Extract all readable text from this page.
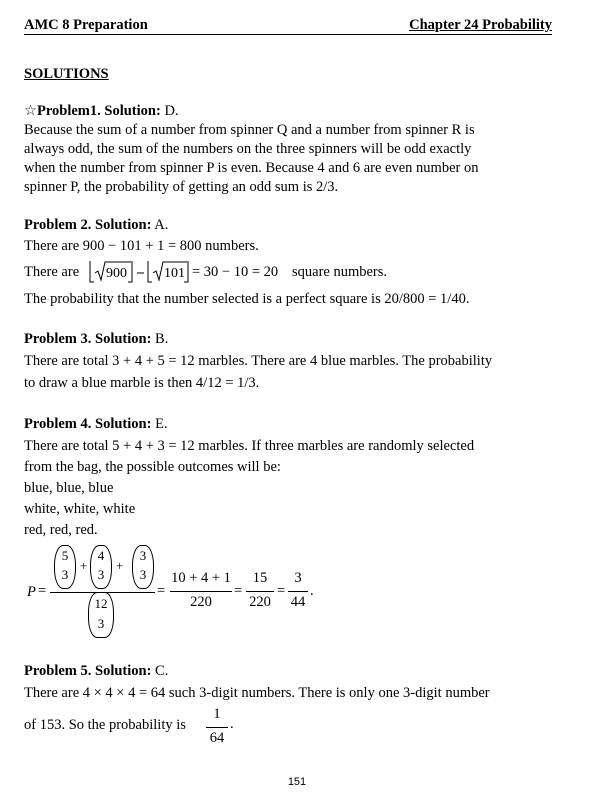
AMC 8 Preparation	Chapter 24 Probability
SOLUTIONS
☆Problem1. Solution: D.
Because the sum of a number from spinner Q and a number from spinner R is
always odd, the sum of the numbers on the three spinners will be odd exactly
when the number from spinner P is even. Because 4 and 6 are even number on
spinner P, the probability of getting an odd sum is 2/3.
Problem 2. Solution: A.
There are 900 − 101 + 1 = 800 numbers.
There are 900	101 = 30 − 10 = 20 square numbers.
The probability that the number selected is a perfect square is 20/800 = 1/40.
Problem 3. Solution: B.
There are total 3 + 4 + 5 = 12 marbles. There are 4 blue marbles. The probability
to draw a blue marble is then 4/12 = 1/3.
Problem 4. Solution: E.
There are total 5 + 4 + 3 = 12 marbles. If three marbles are randomly selected
from the bag, the possible outcomes will be:
blue, blue, blue
white, white, white
red, red, red.
P =
5
3
+
4
3
+
3
3
12
3
=
10 + 4 + 1
220
=
15
220
=
3
44
.
Problem 5. Solution: C.
There are 4 × 4 × 4 = 64 such 3-digit numbers. There is only one 3-digit number
of 153. So the probability is
1
64
.
151
